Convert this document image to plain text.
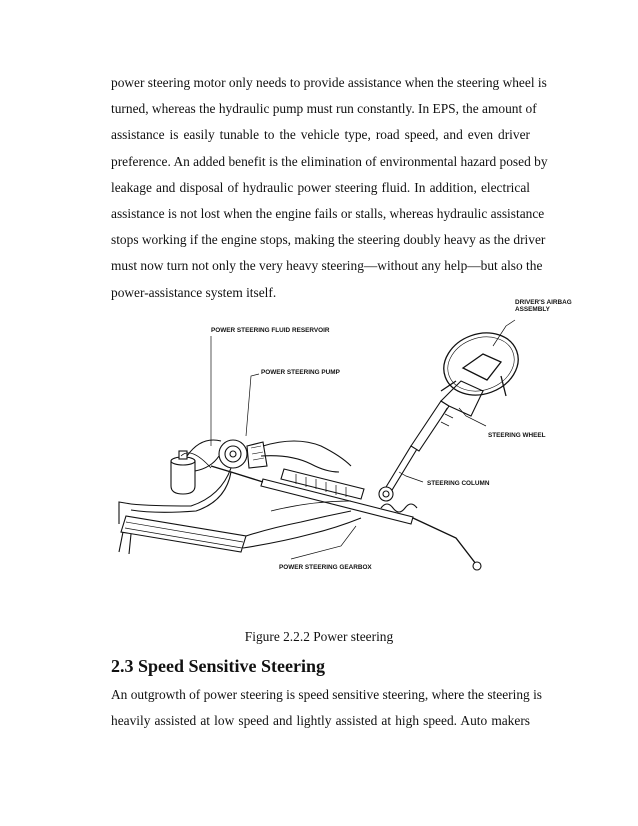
power steering motor only needs to provide assistance when the steering wheel is
turned, whereas the hydraulic pump must run constantly. In EPS, the amount of
assistance is easily tunable to the vehicle type, road speed, and even driver
preference. An added benefit is the elimination of environmental hazard posed by
leakage and disposal of hydraulic power steering fluid. In addition, electrical
assistance is not lost when the engine fails or stalls, whereas hydraulic assistance
stops working if the engine stops, making the steering doubly heavy as the driver
must now turn not only the very heavy steering—without any help—but also the
power-assistance system itself.
DRIVER'S AIRBAG
ASSEMBLY
POWER STEERING FLUID RESERVOIR
POWER STEERING PUMP
STEERING WHEEL
STEERING COLUMN
POWER STEERING GEARBOX
Figure 2.2.2 Power steering
2.3 Speed Sensitive Steering
An outgrowth of power steering is speed sensitive steering, where the steering is
heavily assisted at low speed and lightly assisted at high speed. Auto makers
